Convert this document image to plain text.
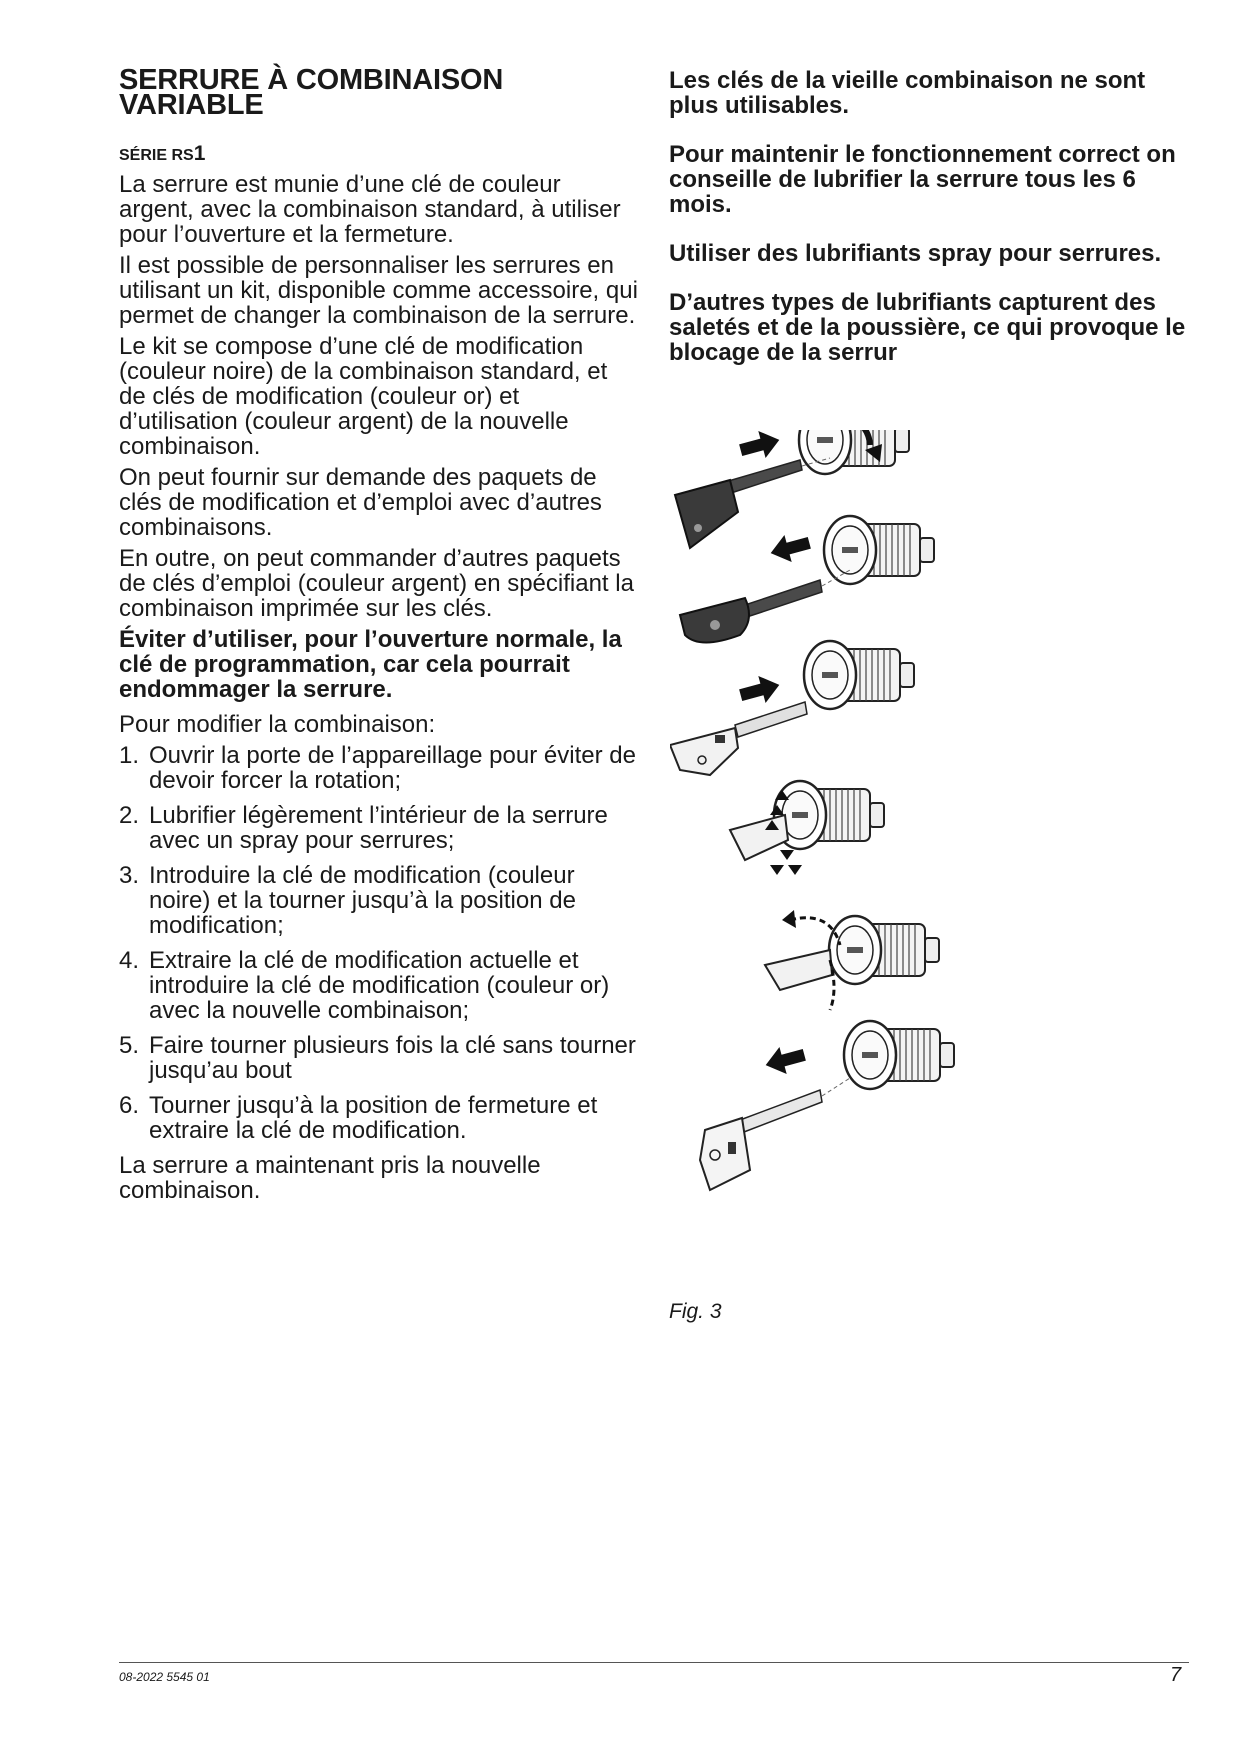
SERRURE À COMBINAISON
VARIABLE
SÉRIE RS1

La serrure est munie d’une clé de couleur argent, avec la combinaison standard, à utiliser pour l’ouverture et la fermeture.

Il est possible de personnaliser les serrures en utilisant un kit, disponible comme accessoire, qui permet de changer la combinaison de la serrure.

Le kit se compose d’une clé de modification (couleur noire) de la combinaison standard, et de clés de modification (couleur or) et d’utilisation (couleur argent) de la nouvelle combinaison.

On peut fournir sur demande des paquets de clés de modification et d’emploi avec d’autres combinaisons.

En outre, on peut commander d’autres paquets de clés d’emploi (couleur argent) en spécifiant la combinaison imprimée sur les clés.

Éviter d’utiliser, pour l’ouverture normale, la clé de programmation, car cela pourrait endommager la serrure.

Pour modifier la combinaison:

1. Ouvrir la porte de l’appareillage pour éviter de devoir forcer la rotation;
2. Lubrifier légèrement l’intérieur de la serrure avec un spray pour serrures;
3. Introduire la clé de modification (couleur noire) et la tourner jusqu’à la position de modification;
4. Extraire la clé de modification actuelle et introduire la clé de modification (couleur or) avec la nouvelle combinaison;
5. Faire tourner plusieurs fois la clé sans tourner jusqu’au bout
6. Tourner jusqu’à la position de fermeture et extraire la clé de modification.

La serrure a maintenant pris la nouvelle combinaison.

Les clés de la vieille combinaison ne sont plus utilisables.

Pour maintenir le fonctionnement correct on conseille de lubrifier la serrure tous les 6 mois.

Utiliser des lubrifiants spray pour serrures.

D’autres types de lubrifiants capturent des saletés et de la poussière, ce qui provoque le blocage de la serrur

Fig. 3
08-2022 5545 01	7
